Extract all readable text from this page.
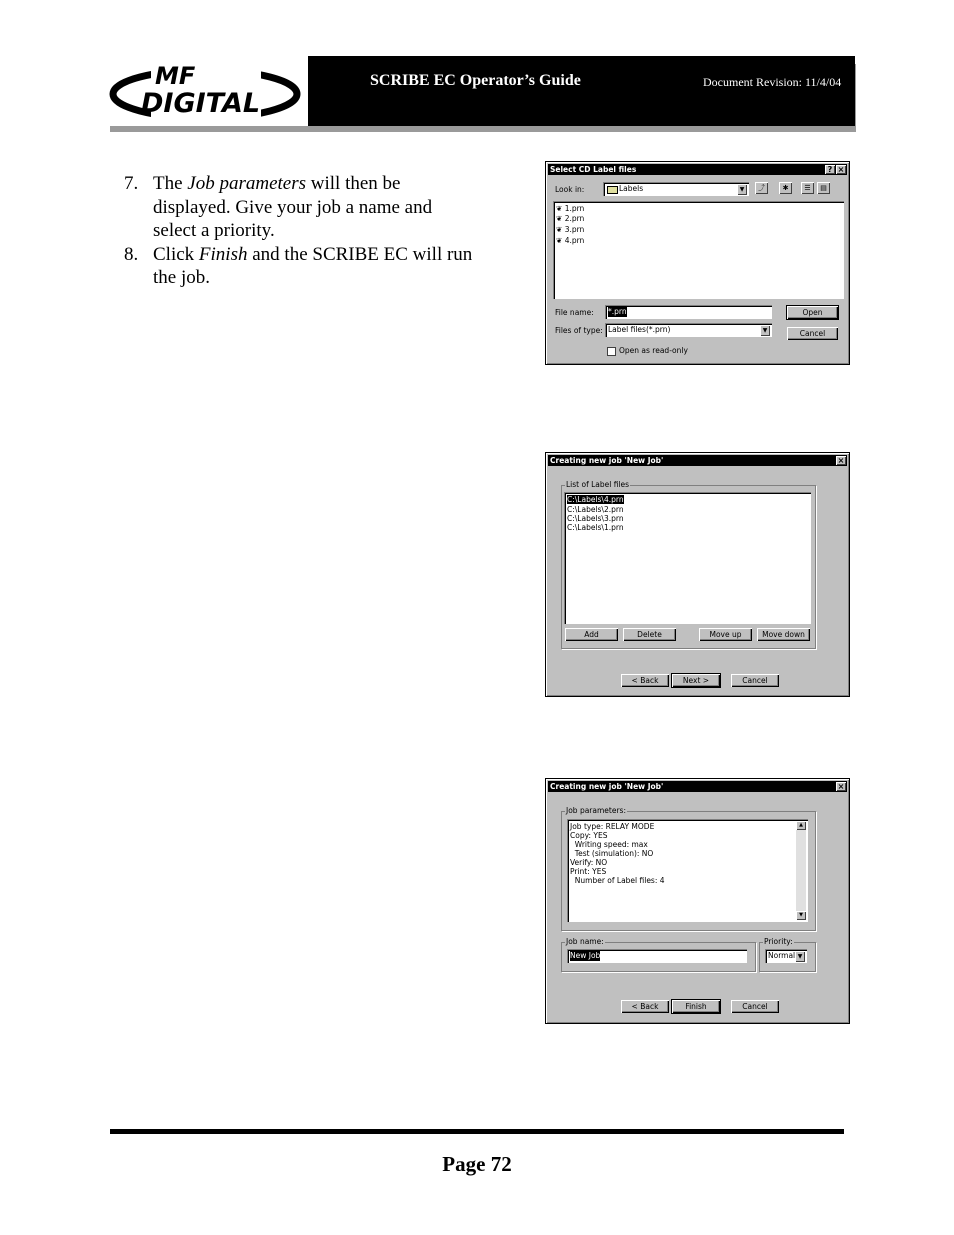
MF
DIGITAL
SCRIBE EC Operator’s Guide	Document Revision: 11/4/04
7. The Job parameters will then be displayed. Give your job a name and select a priority.
8. Click Finish and the SCRIBE EC will run the job.
Select CD Label files	? ×
Look in:	Labels	▼	⤴	✱	☰	▤
❦ 1.prn
❦ 2.prn
❦ 3.prn
❦ 4.prn
File name: *.prn
Files of type: Label files(*.prn)	▼
Open
Cancel
Open as read-only
Creating new job 'New Job'	×
List of Label files
C:\Labels\4.prn
C:\Labels\2.prn
C:\Labels\3.prn
C:\Labels\1.prn
Add	Delete	Move up	Move down
< Back	Next >	Cancel
Creating new job 'New Job'	×
Job parameters:
Job type: RELAY MODE
Copy: YES
Writing speed: max
Test (simulation): NO
Verify: NO
Print: YES
Number of Label files: 4
▲
▼
Job name:
New Job
Priority:
Normal ▼
< Back	Finish	Cancel
Page 72
